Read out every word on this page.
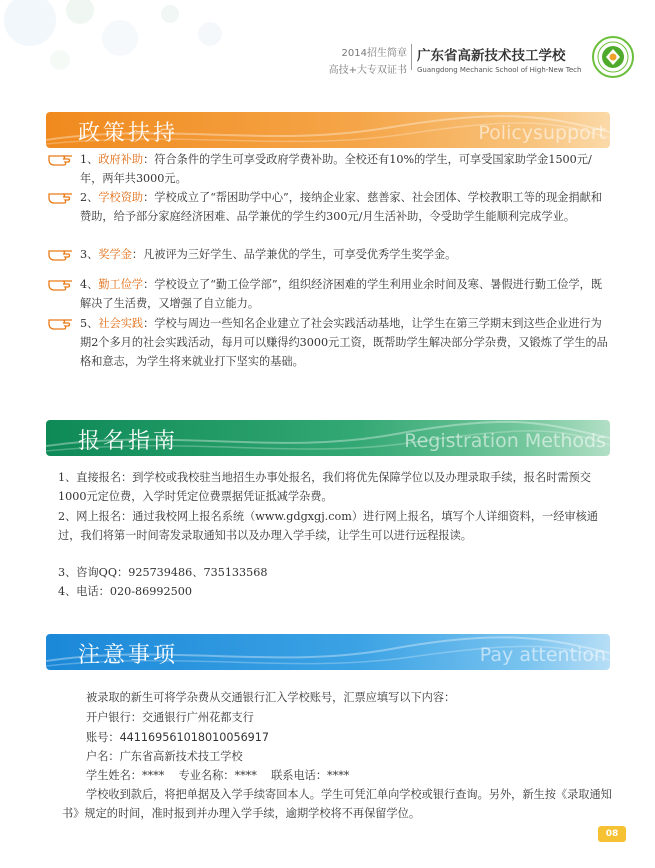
2014招生简章
高技+大专双证书
广东省高新技术技工学校
Guangdong Mechanic School of High-New Tech
政策扶持	Policysupport

1、政府补助：符合条件的学生可享受政府学费补助。全校还有10%的学生，可享受国家助学金1500元/年，两年共3000元。

2、学校资助：学校成立了“帮困助学中心”，接纳企业家、慈善家、社会团体、学校教职工等的现金捐献和赞助，给予部分家庭经济困难、品学兼优的学生约300元/月生活补助，令受助学生能顺利完成学业。

3、奖学金：凡被评为三好学生、品学兼优的学生，可享受优秀学生奖学金。

4、勤工俭学：学校设立了“勤工俭学部”，组织经济困难的学生利用业余时间及寒、暑假进行勤工俭学，既解决了生活费，又增强了自立能力。

5、社会实践：学校与周边一些知名企业建立了社会实践活动基地，让学生在第三学期末到这些企业进行为期2个多月的社会实践活动，每月可以赚得约3000元工资，既帮助学生解决部分学杂费，又锻炼了学生的品格和意志，为学生将来就业打下坚实的基础。

报名指南	Registration Methods

1、直接报名：到学校或我校驻当地招生办事处报名，我们将优先保障学位以及办理录取手续，报名时需预交1000元定位费，入学时凭定位费票据凭证抵减学杂费。

2、网上报名：通过我校网上报名系统（www.gdgxgj.com）进行网上报名，填写个人详细资料，一经审核通过，我们将第一时间寄发录取通知书以及办理入学手续，让学生可以进行远程报读。

3、咨询QQ：925739486、735133568

4、电话：020-86992500

注意事项	Pay attention

被录取的新生可将学杂费从交通银行汇入学校账号，汇票应填写以下内容：

开户银行：交通银行广州花都支行

账号：441169561018010056917

户名：广东省高新技术技工学校

学生姓名：****    专业名称：****    联系电话：****

学校收到款后，将把单据及入学手续寄回本人。学生可凭汇单向学校或银行查询。另外，新生按《录取通知书》规定的时间，准时报到并办理入学手续，逾期学校将不再保留学位。

08
